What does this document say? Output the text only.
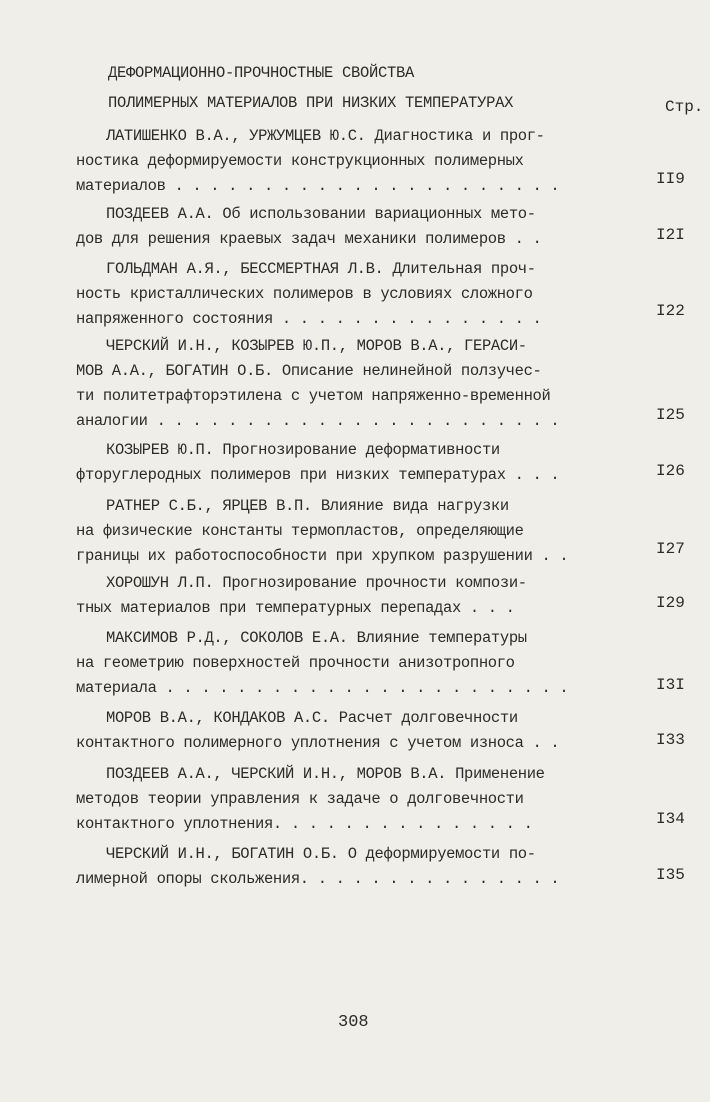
ДЕФОРМАЦИОННО-ПРОЧНОСТНЫЕ СВОЙСТВА
ПОЛИМЕРНЫХ МАТЕРИАЛОВ ПРИ НИЗКИХ ТЕМПЕРАТУРАХ	Стр.
ЛАТИШЕНКО В.А., УРЖУМЦЕВ Ю.С. Диагностика и прог-
ностика деформируемости конструкционных полимерных
материалов . . . . . . . . . . . . . . . . . . . . . .	II9
ПОЗДЕЕВ А.А. Об использовании вариационных мето-
дов для решения краевых задач механики полимеров . .	I2I
ГОЛЬДМАН А.Я., БЕССМЕРТНАЯ Л.В. Длительная проч-
ность кристаллических полимеров в условиях сложного
напряженного состояния . . . . . . . . . . . . . . .	I22
ЧЕРСКИЙ И.Н., КОЗЫРЕВ Ю.П., МОРОВ В.А., ГЕРАСИ-
МОВ А.А., БОГАТИН О.Б. Описание нелинейной ползучес-
ти политетрафторэтилена с учетом напряженно-временной
аналогии . . . . . . . . . . . . . . . . . . . . . . .	I25
КОЗЫРЕВ Ю.П. Прогнозирование деформативности
фторуглеродных полимеров при низких температурах . . .	I26
РАТНЕР С.Б., ЯРЦЕВ В.П. Влияние вида нагрузки
на физические константы термопластов, определяющие
границы их работоспособности при хрупком разрушении . .	I27
ХОРОШУН Л.П. Прогнозирование прочности компози-
тных материалов при температурных перепадах . . .	I29
МАКСИМОВ Р.Д., СОКОЛОВ Е.А. Влияние температуры
на геометрию поверхностей прочности анизотропного
материала . . . . . . . . . . . . . . . . . . . . . . .	I3I
МОРОВ В.А., КОНДАКОВ А.С. Расчет долговечности
контактного полимерного уплотнения с учетом износа . .	I33
ПОЗДЕЕВ А.А., ЧЕРСКИЙ И.Н., МОРОВ В.А. Применение
методов теории управления к задаче о долговечности
контактного уплотнения. . . . . . . . . . . . . . .	I34
ЧЕРСКИЙ И.Н., БОГАТИН О.Б. О деформируемости по-
лимерной опоры скольжения. . . . . . . . . . . . . . .	I35
308
